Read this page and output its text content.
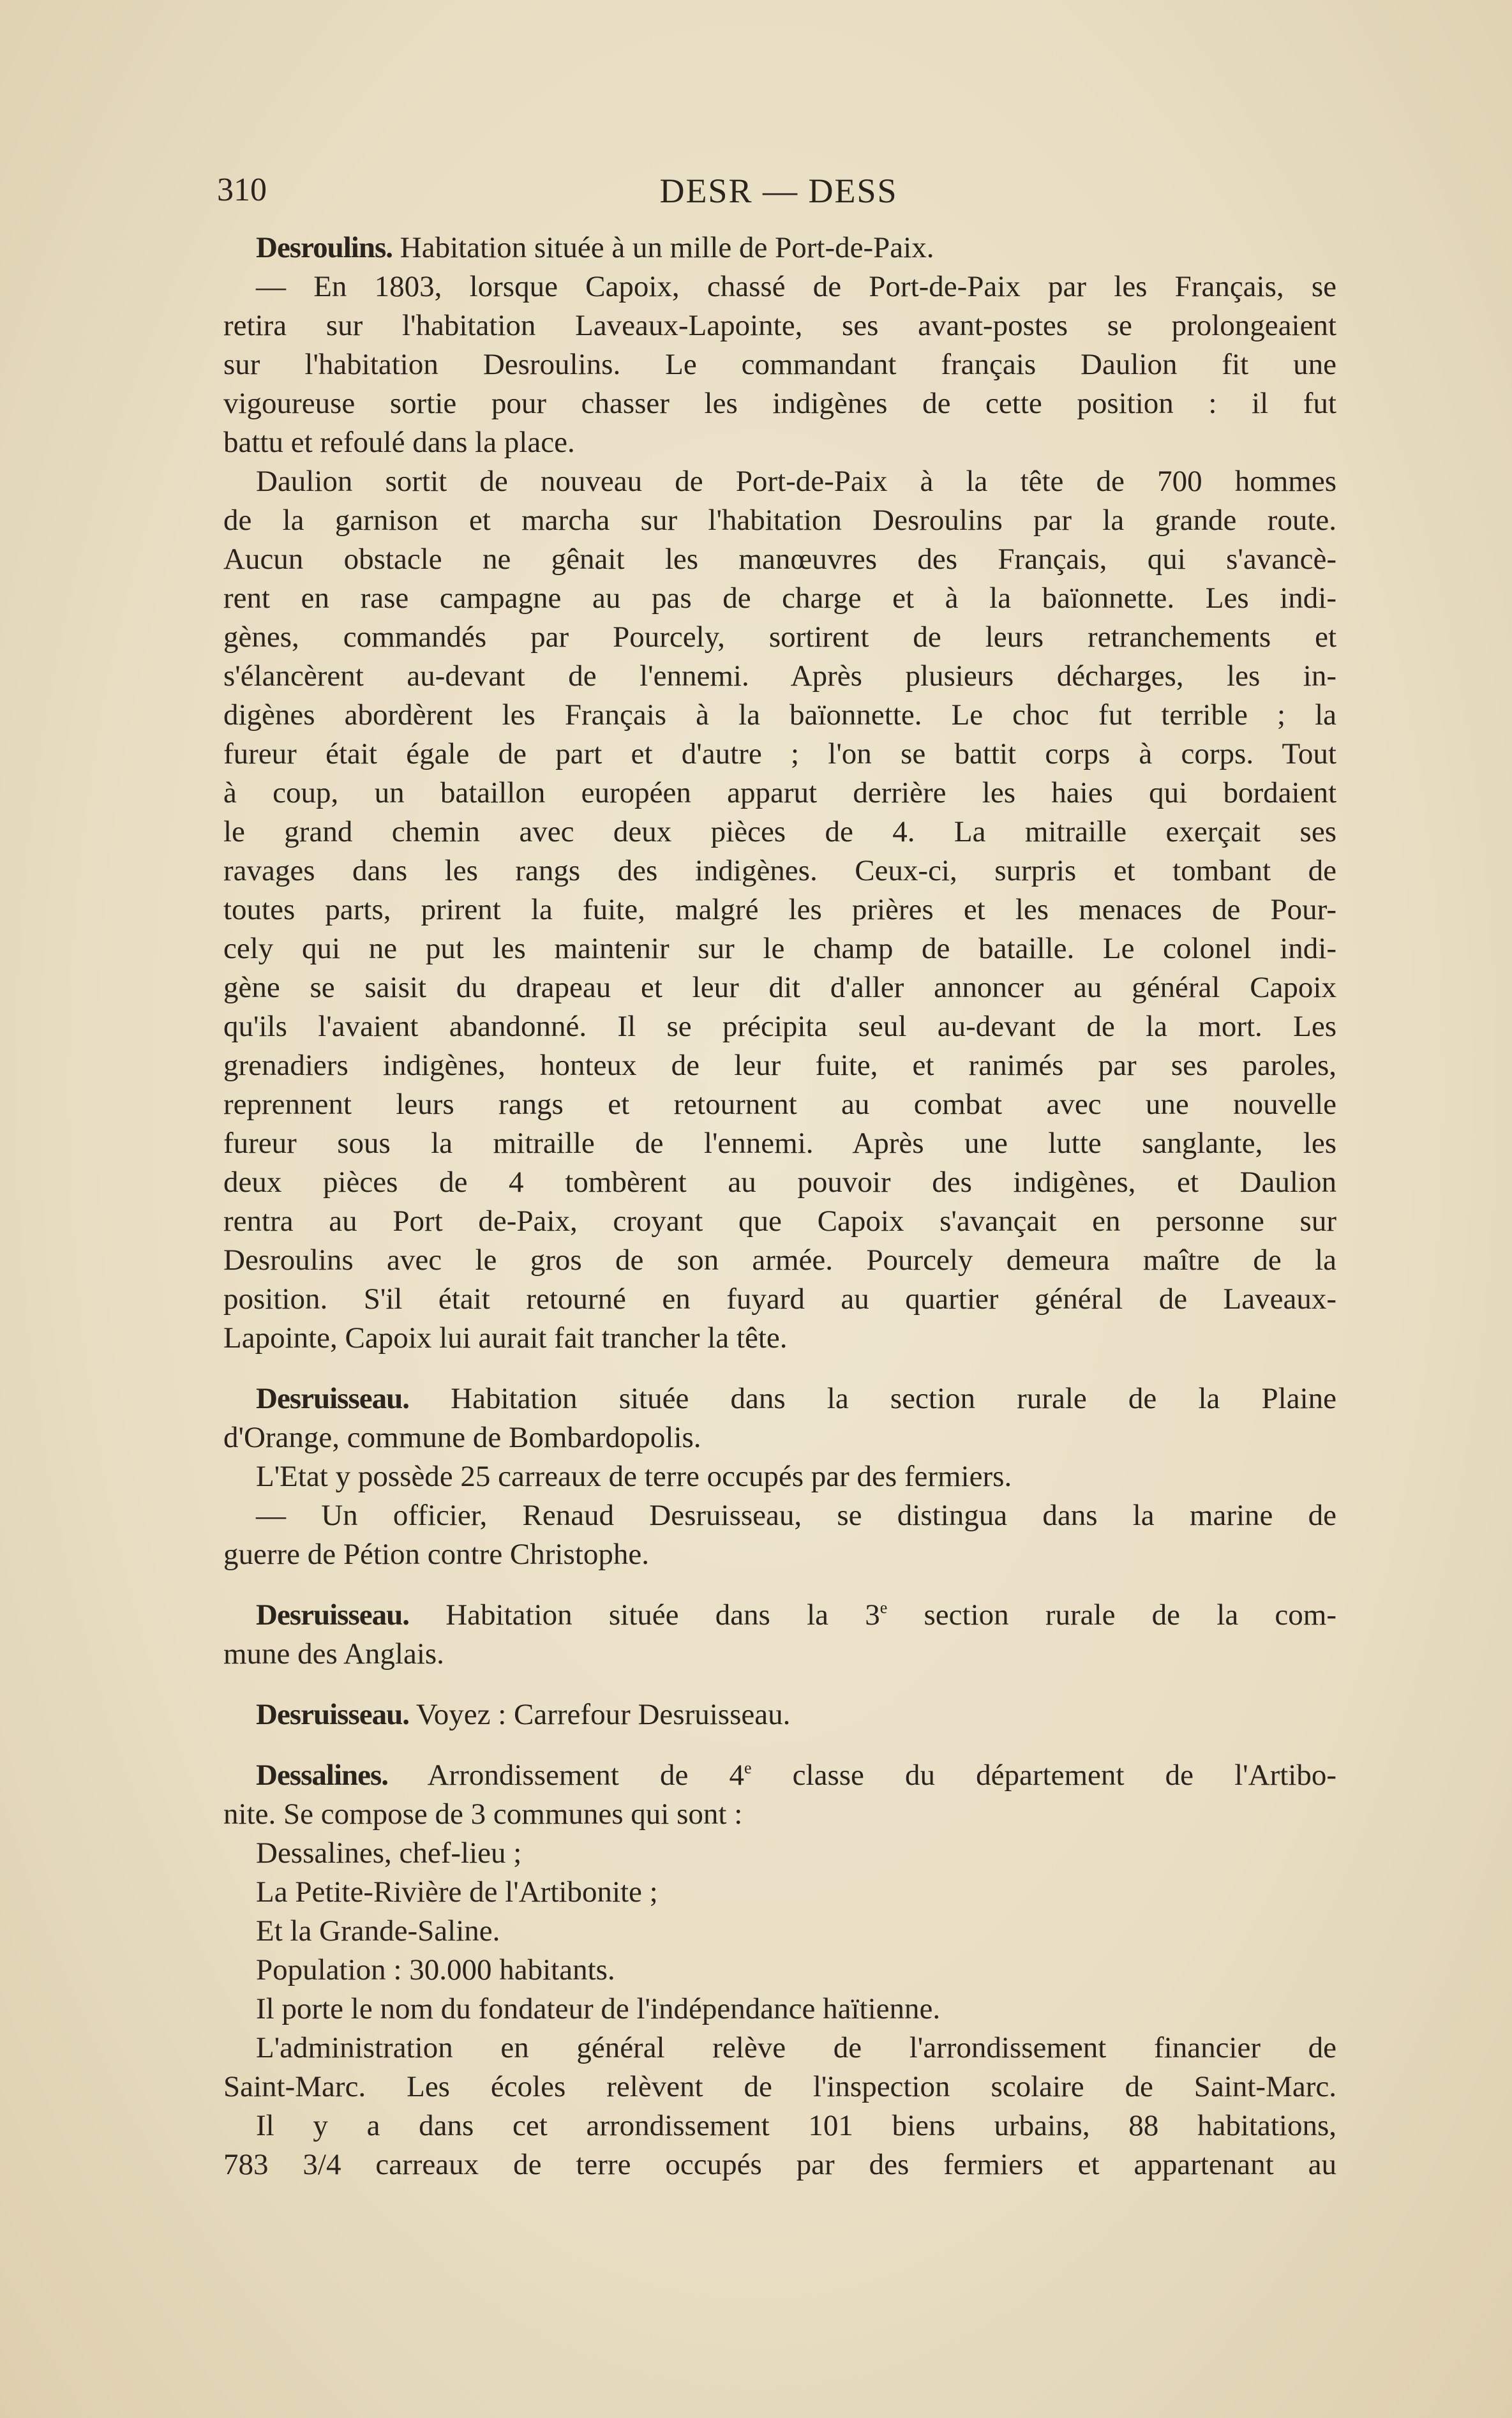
310	DESR — DESS
Desroulins. Habitation située à un mille de Port-de-Paix.
— En 1803, lorsque Capoix, chassé de Port-de-Paix par les Français, se
retira sur l'habitation Laveaux-Lapointe, ses avant-postes se prolongeaient
sur l'habitation Desroulins. Le commandant français Daulion fit une
vigoureuse sortie pour chasser les indigènes de cette position : il fut
battu et refoulé dans la place.
Daulion sortit de nouveau de Port-de-Paix à la tête de 700 hommes
de la garnison et marcha sur l'habitation Desroulins par la grande route.
Aucun obstacle ne gênait les manœuvres des Français, qui s'avancè-
rent en rase campagne au pas de charge et à la baïonnette. Les indi-
gènes, commandés par Pourcely, sortirent de leurs retranchements et
s'élancèrent au-devant de l'ennemi. Après plusieurs décharges, les in-
digènes abordèrent les Français à la baïonnette. Le choc fut terrible ; la
fureur était égale de part et d'autre ; l'on se battit corps à corps. Tout
à coup, un bataillon européen apparut derrière les haies qui bordaient
le grand chemin avec deux pièces de 4. La mitraille exerçait ses
ravages dans les rangs des indigènes. Ceux-ci, surpris et tombant de
toutes parts, prirent la fuite, malgré les prières et les menaces de Pour-
cely qui ne put les maintenir sur le champ de bataille. Le colonel indi-
gène se saisit du drapeau et leur dit d'aller annoncer au général Capoix
qu'ils l'avaient abandonné. Il se précipita seul au-devant de la mort. Les
grenadiers indigènes, honteux de leur fuite, et ranimés par ses paroles,
reprennent leurs rangs et retournent au combat avec une nouvelle
fureur sous la mitraille de l'ennemi. Après une lutte sanglante, les
deux pièces de 4 tombèrent au pouvoir des indigènes, et Daulion
rentra au Port de-Paix, croyant que Capoix s'avançait en personne sur
Desroulins avec le gros de son armée. Pourcely demeura maître de la
position. S'il était retourné en fuyard au quartier général de Laveaux-
Lapointe, Capoix lui aurait fait trancher la tête.
Desruisseau. Habitation située dans la section rurale de la Plaine
d'Orange, commune de Bombardopolis.
L'Etat y possède 25 carreaux de terre occupés par des fermiers.
— Un officier, Renaud Desruisseau, se distingua dans la marine de
guerre de Pétion contre Christophe.
Desruisseau. Habitation située dans la 3e section rurale de la com-
mune des Anglais.
Desruisseau. Voyez : Carrefour Desruisseau.
Dessalines. Arrondissement de 4e classe du département de l'Artibo-
nite. Se compose de 3 communes qui sont :
Dessalines, chef-lieu ;
La Petite-Rivière de l'Artibonite ;
Et la Grande-Saline.
Population : 30.000 habitants.
Il porte le nom du fondateur de l'indépendance haïtienne.
L'administration en général relève de l'arrondissement financier de
Saint-Marc. Les écoles relèvent de l'inspection scolaire de Saint-Marc.
Il y a dans cet arrondissement 101 biens urbains, 88 habitations,
783 3/4 carreaux de terre occupés par des fermiers et appartenant au
